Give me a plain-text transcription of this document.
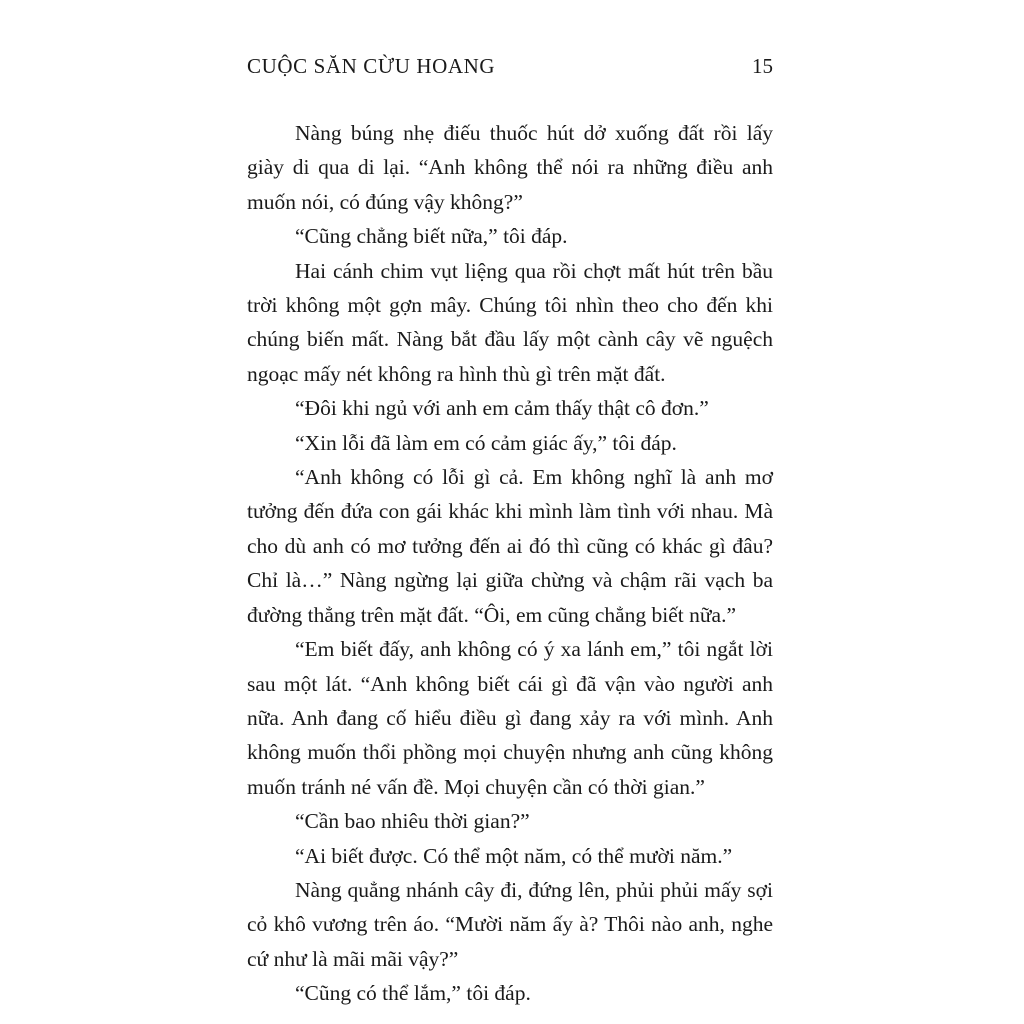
CUỘC SĂN CỪU HOANG	15

Nàng búng nhẹ điếu thuốc hút dở xuống đất rồi lấy giày di qua di lại. “Anh không thể nói ra những điều anh muốn nói, có đúng vậy không?”

“Cũng chẳng biết nữa,” tôi đáp.

Hai cánh chim vụt liệng qua rồi chợt mất hút trên bầu trời không một gợn mây. Chúng tôi nhìn theo cho đến khi chúng biến mất. Nàng bắt đầu lấy một cành cây vẽ nguệch ngoạc mấy nét không ra hình thù gì trên mặt đất.

“Đôi khi ngủ với anh em cảm thấy thật cô đơn.”

“Xin lỗi đã làm em có cảm giác ấy,” tôi đáp.

“Anh không có lỗi gì cả. Em không nghĩ là anh mơ tưởng đến đứa con gái khác khi mình làm tình với nhau. Mà cho dù anh có mơ tưởng đến ai đó thì cũng có khác gì đâu? Chỉ là…” Nàng ngừng lại giữa chừng và chậm rãi vạch ba đường thẳng trên mặt đất. “Ôi, em cũng chẳng biết nữa.”

“Em biết đấy, anh không có ý xa lánh em,” tôi ngắt lời sau một lát. “Anh không biết cái gì đã vận vào người anh nữa. Anh đang cố hiểu điều gì đang xảy ra với mình. Anh không muốn thổi phồng mọi chuyện nhưng anh cũng không muốn tránh né vấn đề. Mọi chuyện cần có thời gian.”

“Cần bao nhiêu thời gian?”

“Ai biết được. Có thể một năm, có thể mười năm.”

Nàng quẳng nhánh cây đi, đứng lên, phủi phủi mấy sợi cỏ khô vương trên áo. “Mười năm ấy à? Thôi nào anh, nghe cứ như là mãi mãi vậy?”

“Cũng có thể lắm,” tôi đáp.
